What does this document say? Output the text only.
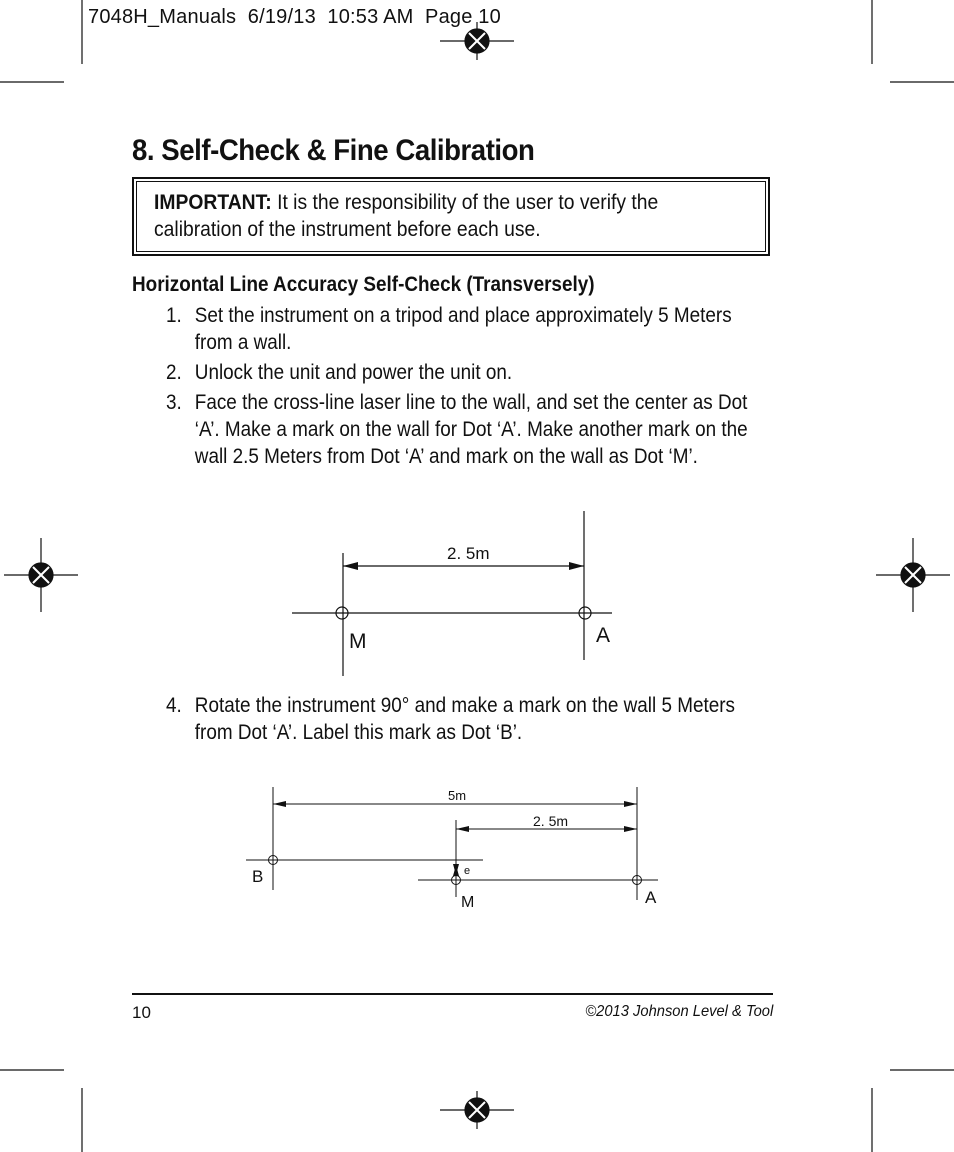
7048H_Manuals  6/19/13  10:53 AM  Page 10
8. Self-Check & Fine Calibration
IMPORTANT: It is the responsibility of the user to verify the calibration of the instrument before each use.
Horizontal Line Accuracy Self-Check (Transversely)
1. Set the instrument on a tripod and place approximately 5 Meters from a wall.
2. Unlock the unit and power the unit on.
3. Face the cross-line laser line to the wall, and set the center as Dot ‘A’. Make a mark on the wall for Dot ‘A’. Make another mark on the wall 2.5 Meters from Dot ‘A’ and mark on the wall as Dot ‘M’.
2. 5m
M	A
4. Rotate the instrument 90° and make a mark on the wall 5 Meters from Dot ‘A’. Label this mark as Dot ‘B’.
5m
2. 5m
B	e
M	A
10	©2013 Johnson Level & Tool
